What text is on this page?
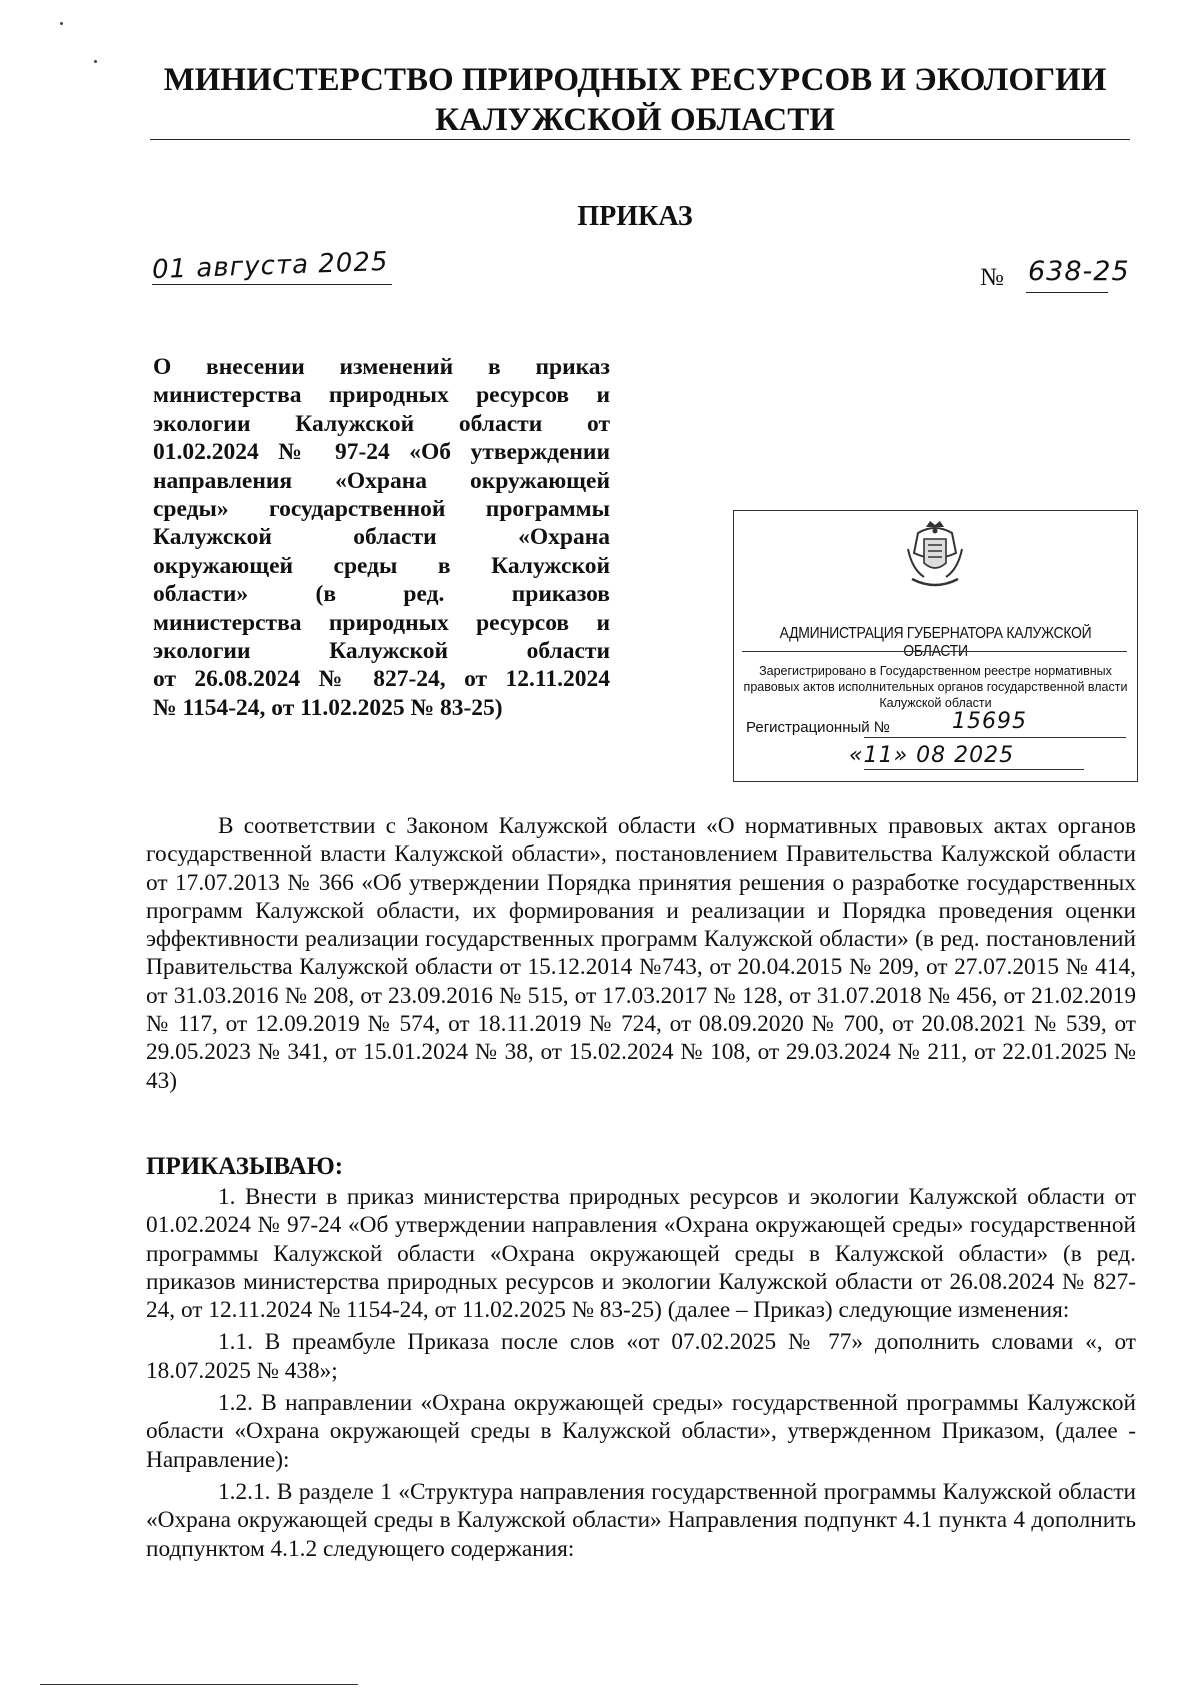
МИНИСТЕРСТВО ПРИРОДНЫХ РЕСУРСОВ И ЭКОЛОГИИ
КАЛУЖСКОЙ ОБЛАСТИ
ПРИКАЗ
01 августа 2025	№ 638-25
О внесении изменений в приказ
министерства природных ресурсов и
экологии Калужской области от
01.02.2024 № 97-24 «Об утверждении
направления «Охрана окружающей
среды» государственной программы
Калужской области «Охрана
окружающей среды в Калужской
области» (в ред. приказов
министерства природных ресурсов и
экологии Калужской области
от 26.08.2024 № 827-24, от 12.11.2024
№ 1154-24, от 11.02.2025 № 83-25)
АДМИНИСТРАЦИЯ ГУБЕРНАТОРА КАЛУЖСКОЙ ОБЛАСТИ
Зарегистрировано в Государственном реестре нормативных
правовых актов исполнительных органов государственной власти
Калужской области
Регистрационный №	15695
«11» 08 2025

В соответствии с Законом Калужской области «О нормативных правовых актах органов государственной власти Калужской области», постановлением Правительства Калужской области от 17.07.2013 № 366 «Об утверждении Порядка принятия решения о разработке государственных программ Калужской области, их формирования и реализации и Порядка проведения оценки эффективности реализации государственных программ Калужской области» (в ред. постановлений Правительства Калужской области от 15.12.2014 №743, от 20.04.2015 № 209, от 27.07.2015 № 414, от 31.03.2016 № 208, от 23.09.2016 № 515, от 17.03.2017 № 128, от 31.07.2018 № 456, от 21.02.2019 № 117, от 12.09.2019 № 574, от 18.11.2019 № 724, от 08.09.2020 № 700, от 20.08.2021 № 539, от 29.05.2023 № 341, от 15.01.2024 № 38, от 15.02.2024 № 108, от 29.03.2024 № 211, от 22.01.2025 № 43)

ПРИКАЗЫВАЮ:

1. Внести в приказ министерства природных ресурсов и экологии Калужской области от 01.02.2024 № 97-24 «Об утверждении направления «Охрана окружающей среды» государственной программы Калужской области «Охрана окружающей среды в Калужской области» (в ред. приказов министерства природных ресурсов и экологии Калужской области от 26.08.2024 № 827-24, от 12.11.2024 № 1154-24, от 11.02.2025 № 83-25) (далее – Приказ) следующие изменения:

1.1. В преамбуле Приказа после слов «от 07.02.2025 № 77» дополнить словами «, от 18.07.2025 № 438»;

1.2. В направлении «Охрана окружающей среды» государственной программы Калужской области «Охрана окружающей среды в Калужской области», утвержденном Приказом, (далее - Направление):

1.2.1. В разделе 1 «Структура направления государственной программы Калужской области «Охрана окружающей среды в Калужской области» Направления подпункт 4.1 пункта 4 дополнить подпунктом 4.1.2 следующего содержания:
